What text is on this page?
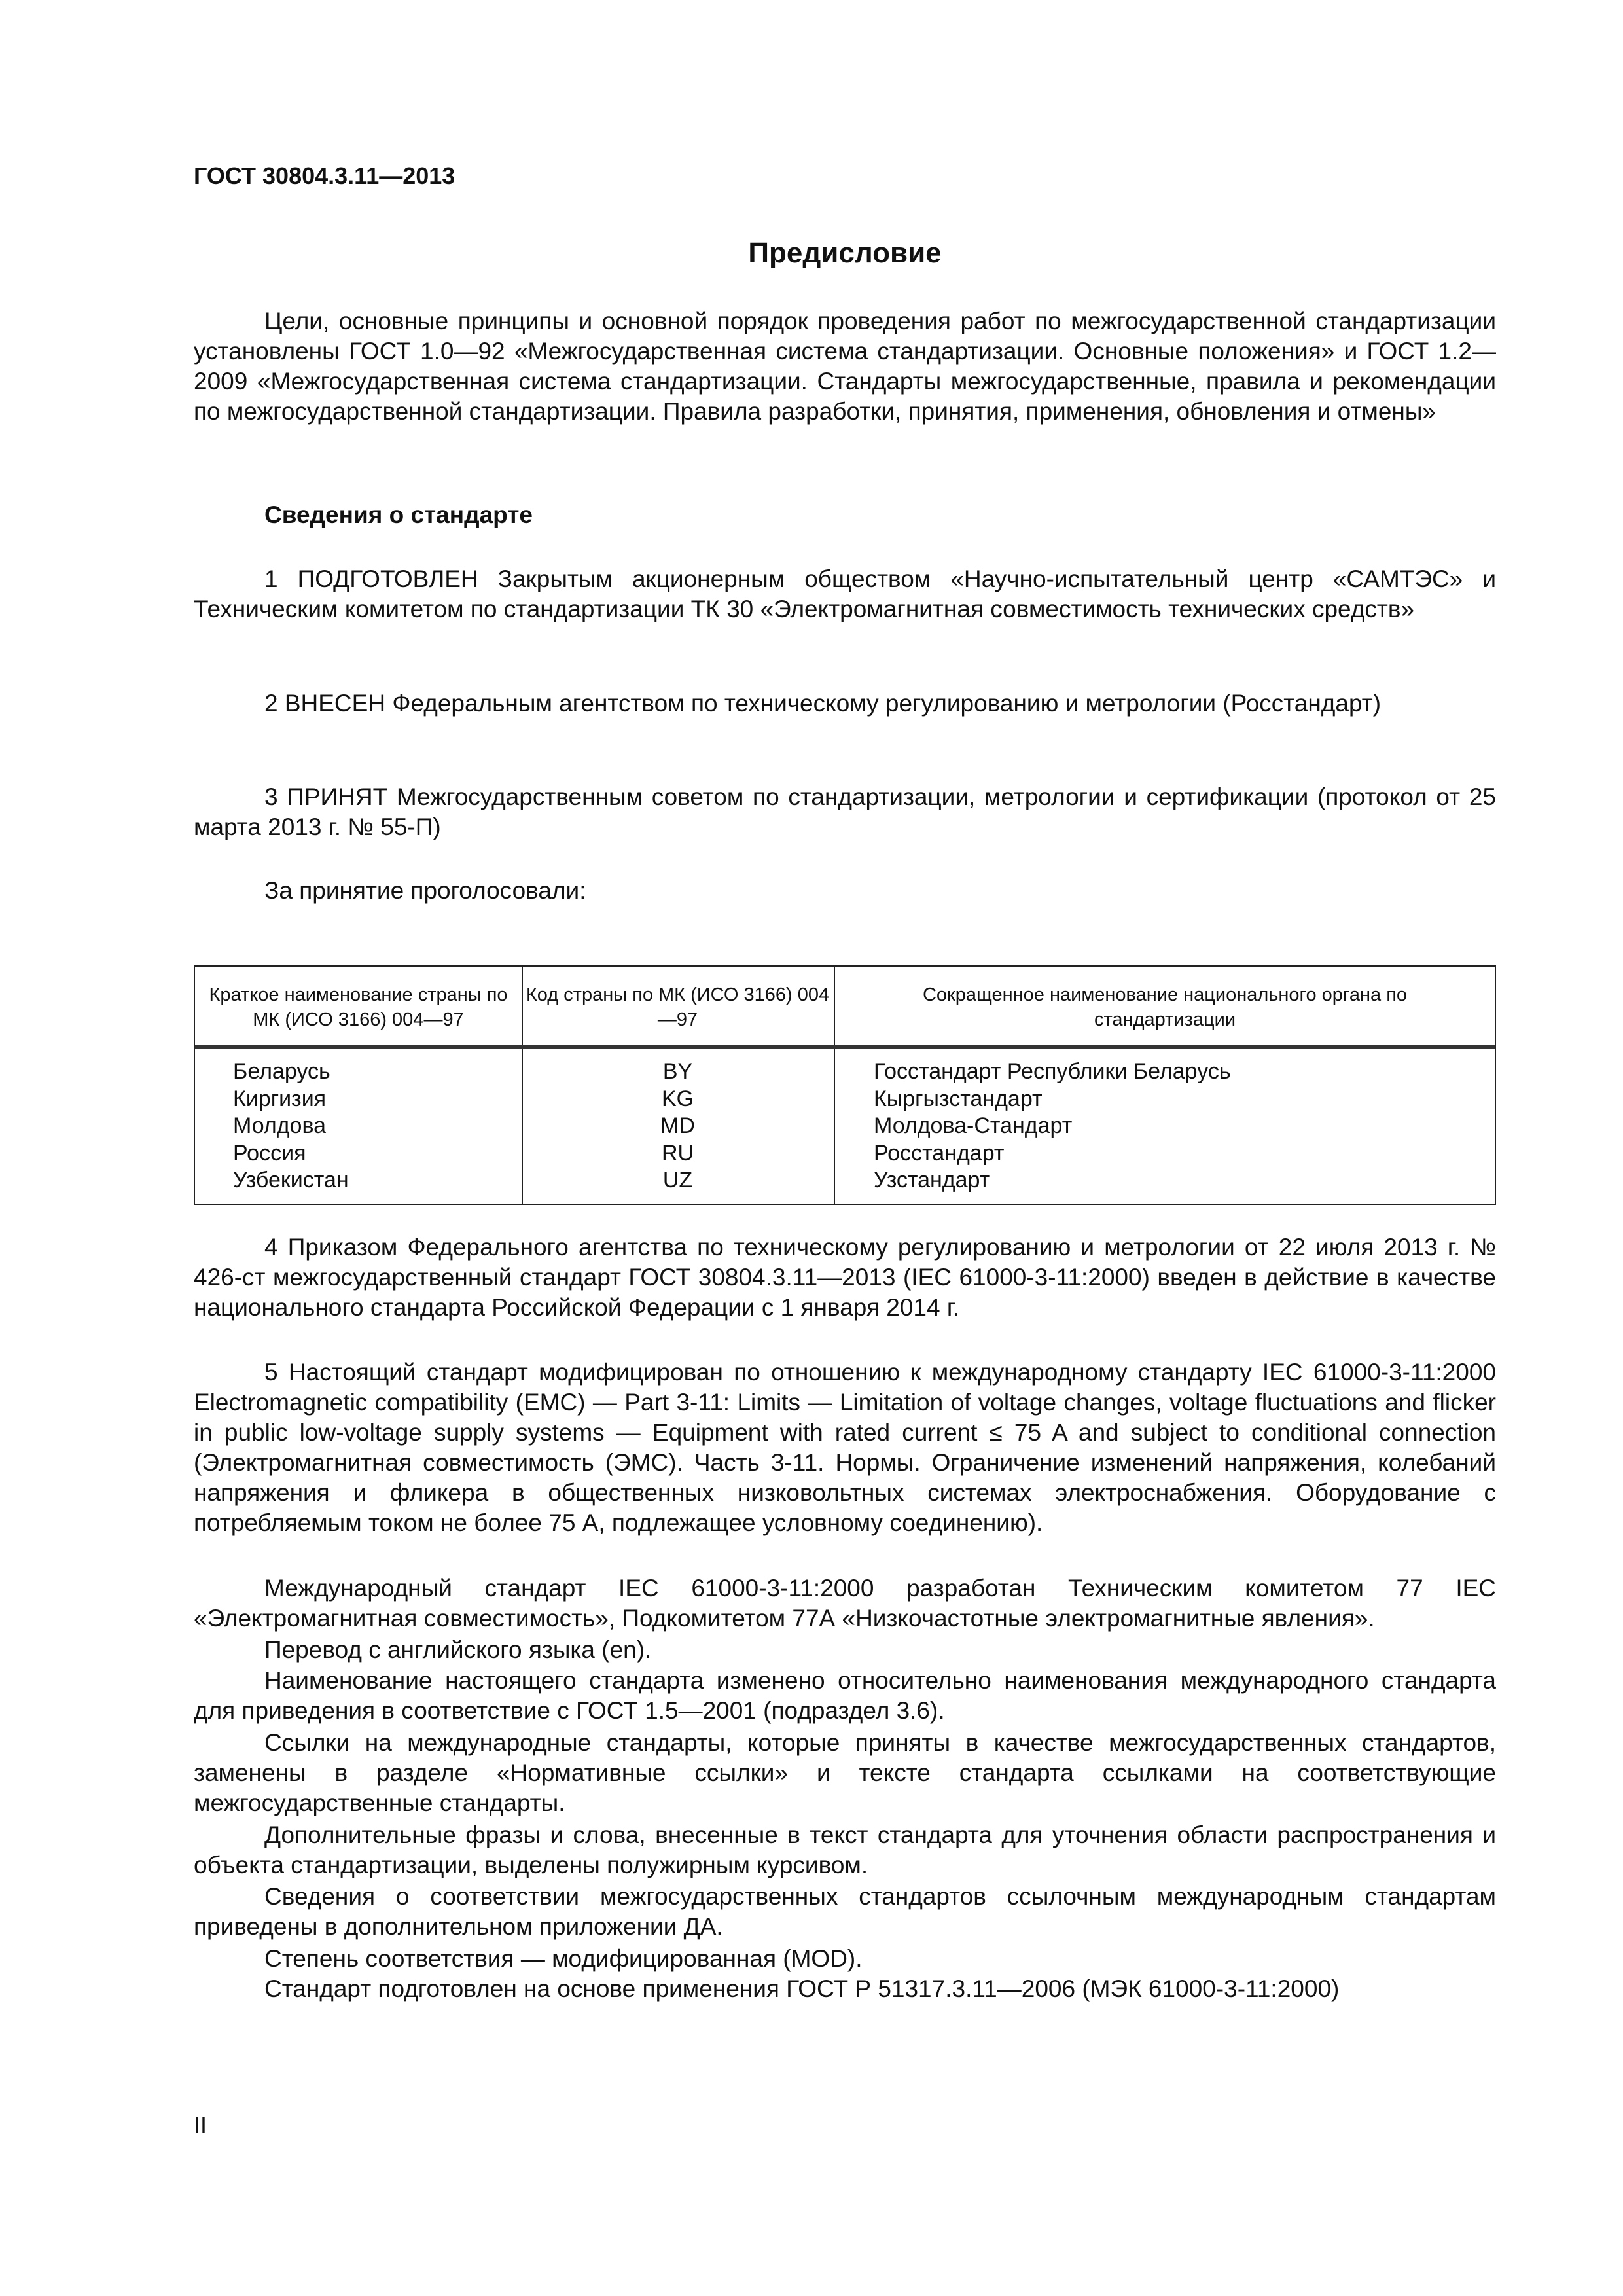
ГОСТ 30804.3.11—2013
Предисловие
Цели, основные принципы и основной порядок проведения работ по межгосударственной стандартизации установлены ГОСТ 1.0—92 «Межгосударственная система стандартизации. Основные положения» и ГОСТ 1.2—2009 «Межгосударственная система стандартизации. Стандарты межгосударственные, правила и рекомендации по межгосударственной стандартизации. Правила разработки, принятия, применения, обновления и отмены»
Сведения о стандарте
1 ПОДГОТОВЛЕН Закрытым акционерным обществом «Научно-испытательный центр «САМТЭС» и Техническим комитетом по стандартизации ТК 30 «Электромагнитная совместимость технических средств»
2 ВНЕСЕН Федеральным агентством по техническому регулированию и метрологии (Росстандарт)
3 ПРИНЯТ Межгосударственным советом по стандартизации, метрологии и сертификации (протокол от 25 марта 2013 г. № 55-П)
За принятие проголосовали:
Краткое наименование страны по МК (ИСО 3166) 004—97
Код страны по МК (ИСО 3166) 004—97
Сокращенное наименование национального органа по стандартизации
Беларусь
Киргизия
Молдова
Россия
Узбекистан
BY
KG
MD
RU
UZ
Госстандарт Республики Беларусь
Кыргызстандарт
Молдова-Стандарт
Росстандарт
Узстандарт
4 Приказом Федерального агентства по техническому регулированию и метрологии от 22 июля 2013 г. № 426-ст межгосударственный стандарт ГОСТ 30804.3.11—2013 (IEC 61000-3-11:2000) введен в действие в качестве национального стандарта Российской Федерации с 1 января 2014 г.
5 Настоящий стандарт модифицирован по отношению к международному стандарту IEC 61000-3-11:2000 Electromagnetic compatibility (EMC) — Part 3-11: Limits — Limitation of voltage changes, voltage fluctuations and flicker in public low-voltage supply systems — Equipment with rated current ≤ 75 A and subject to conditional connection (Электромагнитная совместимость (ЭМС). Часть 3-11. Нормы. Ограничение изменений напряжения, колебаний напряжения и фликера в общественных низковольтных системах электроснабжения. Оборудование с потребляемым током не более 75 А, подлежащее условному соединению).
Международный стандарт IEC 61000-3-11:2000 разработан Техническим комитетом 77 IEC «Электромагнитная совместимость», Подкомитетом 77А «Низкочастотные электромагнитные явления».
Перевод с английского языка (en).
Наименование настоящего стандарта изменено относительно наименования международного стандарта для приведения в соответствие с ГОСТ 1.5—2001 (подраздел 3.6).
Ссылки на международные стандарты, которые приняты в качестве межгосударственных стандартов, заменены в разделе «Нормативные ссылки» и тексте стандарта ссылками на соответствующие межгосударственные стандарты.
Дополнительные фразы и слова, внесенные в текст стандарта для уточнения области распространения и объекта стандартизации, выделены полужирным курсивом.
Сведения о соответствии межгосударственных стандартов ссылочным международным стандартам приведены в дополнительном приложении ДА.
Степень соответствия — модифицированная (MOD).
Стандарт подготовлен на основе применения ГОСТ Р 51317.3.11—2006 (МЭК 61000-3-11:2000)
II
